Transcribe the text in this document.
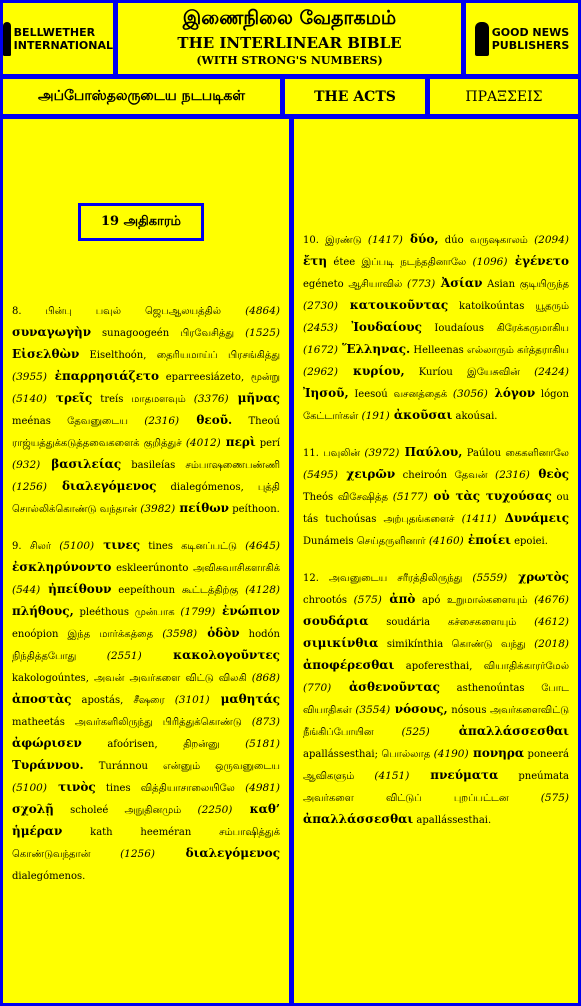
BELLWETHER
INTERNATIONAL
இணைநிலை வேதாகமம்
THE INTERLINEAR BIBLE
(WITH STRONG'S NUMBERS)
GOOD NEWS
PUBLISHERS
அப்போஸ்தலருடைய நடபடிகள்	THE ACTS	ΠΡΑΞΣΕΙΣ

8. பின்பு பவுல் ஜெபஆலயத்தில் (4864) συναγωγὴν sunagoogeén பிரவேசித்து (1525) Εἰσελθὼν Eiselthoón, தைரியமாய்ப் பிரசங்கித்து (3955) ἐπαρρησιάζετο eparreesiázeto, மூன்று (5140) τρεῖς treís மாதமளவும் (3376) μῆνας meénas தேவனுடைய (2316) θεοῦ. Theoú ராஜ்யத்துக்கடுத்தவைகளைக் குறித்துச் (4012) περὶ perí (932) βασιλείας basileías சம்பாஷணைபண்ணி (1256) διαλεγόμενος dialegómenos, புத்தி சொல்லிக்கொண்டு வந்தான் (3982) πείθων peíthoon.

9. சிலர் (5100) τινες tines கடினப்பட்டு (4645) ἐσκληρύνοντο eskleerúnonto அவிசுவாசிகளாகிக் (544) ἠπείθουν eepeíthoun கூட்டத்திற்கு (4128) πλήθους, pleéthous முன்பாக (1799) ἐνώπιον enoópion இந்த மார்க்கத்தை (3598) ὁδὸν hodón நிந்தித்தபோது (2551) κακολογοῦντες kakologoúntes, அவன் அவர்களை விட்டு விலகி (868) ἀποστὰς apostás, சீஷரை (3101) μαθητάς matheetás அவர்களிலிருந்து பிரித்துக்கொண்டு (873) ἀφώρισεν afoórisen, திறன்னு (5181) Τυράννου. Turánnou என்னும் ஒருவனுடைய (5100) τινὸς tines வித்தியாசாலையிலே (4981) σχολῇ scholeé அநுதினமும் (2250) καθ’ ἡμέραν kath heeméran சம்பாஷித்துக் கொண்டுவந்தான் (1256) διαλεγόμενος dialegómenos.

10. இரண்டு (1417) δύο, dúo வருஷகாலம் (2094) ἔτη étee இப்படி நடந்ததினாலே (1096) ἐγένετο egéneto ஆசியாவில் (773) Ἀσίαν Asian குடியிருந்த (2730) κατοικοῦντας katoikoúntas யூதரும் (2453) Ἰουδαίους Ioudaíous கிரேக்கருமாகிய (1672) Ἕλληνας. Helleenas எல்லாரும் கர்த்தராகிய (2962) κυρίου, Kuríou இயேசுவின் (2424) Ἰησοῦ, Ieesoú வசனத்தைக் (3056) λόγον lógon கேட்டார்கள் (191) ἀκοῦσαι akoúsai.

11. பவுலின் (3972) Παύλου, Paúlou கைகளினாலே (5495) χειρῶν cheiroón தேவன் (2316) θεὸς Theós விசேஷித்த (5177) οὐ τὰς τυχούσας ou tás tuchoúsas அற்புதங்களைச் (1411) Δυνάμεις Dunámeis செய்தருளினார் (4160) ἐποίει epoiei.

12. அவனுடைய சரீரத்திலிருந்து (5559) χρωτὸς chrootós (575) ἀπὸ apó உறுமால்களையும் (4676) σουδάρια soudária கச்சைகளையும் (4612) σιμικίνθια simikínthia கொண்டு வந்து (2018) ἀποφέρεσθαι apoferesthai, வியாதிக்காரர்மேல் (770) ἀσθενοῦντας asthenoúntas போட வியாதிகள் (3554) νόσους, nósous அவர்களைவிட்டு நீங்கிப்போயின (525) ἀπαλλάσσεσθαι apallássesthai; பொல்லாத (4190) πονηρα poneerá ஆவிகளும் (4151) πνεύματα pneúmata அவர்களை விட்டுப் புறப்பட்டன (575) ἀπαλλάσσεσθαι apallássesthai.

19 அதிகாரம்
